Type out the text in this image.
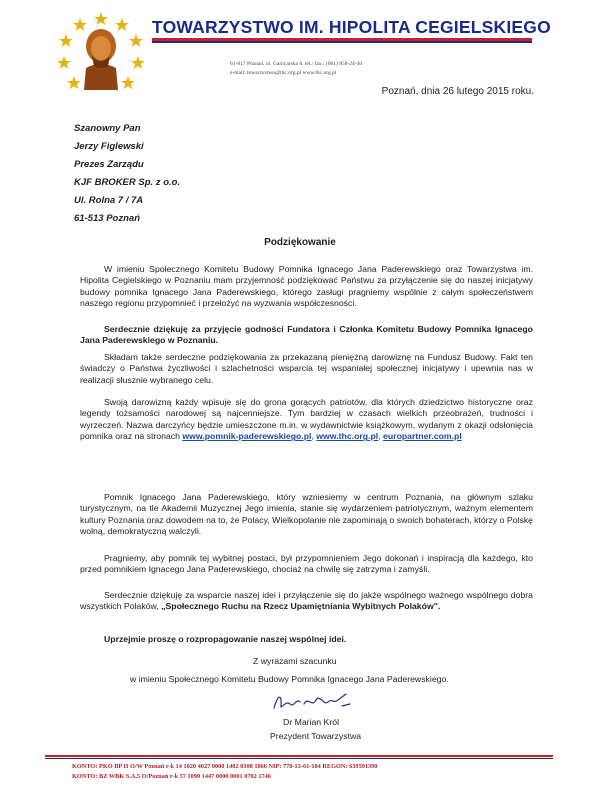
TOWARZYSTWO IM. HIPOLITA CEGIELSKIEGO
61-817 Poznań, ul. Garncarska 8, tel./ fax.: (061) 858-24-40
e-mail: towarzystwo@thc.org.pl www.thc.org.pl
Poznań, dnia 26 lutego 2015 roku.
Szanowny Pan
Jerzy Figlewski
Prezes Zarządu
KJF BROKER Sp. z o.o.
Ul. Rolna 7 / 7A
61-513 Poznań
Podziękowanie

W imieniu Społecznego Komitetu Budowy Pomnika Ignacego Jana Paderewskiego oraz Towarzystwa im. Hipolita Cegielskiego w Poznaniu mam przyjemność podziękować Państwu za przyłączenie się do naszej inicjatywy budowy pomnika Ignacego Jana Paderewskiego, którego zasługi pragniemy wspólnie z całym społeczeństwem naszego regionu przypomnieć i przełożyć na wyzwania współczesności.

Serdecznie dziękuję za przyjęcie godności Fundatora i Członka Komitetu Budowy Pomnika Ignacego Jana Paderewskiego w Poznaniu.

Składam także serdeczne podziękowania za przekazaną pieniężną darowiznę na Fundusz Budowy. Fakt ten świadczy o Państwa życzliwości i szlachetności wsparcia tej wspaniałej społecznej inicjatywy i upewnia nas w realizacji słusznie wybranego celu.

Swoją darowizną każdy wpisuje się do grona gorących patriotów, dla których dziedzictwo historyczne oraz legendy tożsamości narodowej są najcenniejsze. Tym bardziej w czasach wielkich przeobrażeń, trudności i wyrzeczeń. Nazwa darczyńcy będzie umieszczone m.in. w wydawnictwie książkowym, wydanym z okazji odsłonięcia pomnika oraz na stronach www.pomnik-paderewskiego.pl, www.thc.org.pl, europartner.com.pl

Pomnik Ignacego Jana Paderewskiego, który wzniesiemy w centrum Poznania, na głównym szlaku turystycznym, na tle Akademii Muzycznej Jego imienia, stanie się wydarzeniem patriotycznym, ważnym elementem kultury Poznania oraz dowodem na to, że Polacy, Wielkopolanie nie zapominają o swoich bohaterach, którzy o Polskę wolną, demokratyczną walczyli.

Pragniemy, aby pomnik tej wybitnej postaci, był przypomnieniem Jego dokonań i inspiracją dla każdego, kto przed pomnikiem Ignacego Jana Paderewskiego, chociaż na chwilę się zatrzyma i zamyśli.

Serdecznie dziękuję za wsparcie naszej idei i przyłączenie się do jakże wspólnego ważnego wspólnego dobra wszystkich Polaków, „Społecznego Ruchu na Rzecz Upamiętniania Wybitnych Polaków".

Uprzejmie proszę o rozpropagowanie naszej wspólnej idei.

Z wyrazami szacunku
w imieniu Społecznego Komitetu Budowy Pomnika Ignacego Jana Paderewskiego.
Dr Marian Król
Prezydent Towarzystwa
KONTO: PKO BP II O/W Poznań r-k 14 1020 4027 0000 1402 0308 1866 NIP: 778-13-61-184 REGON: 639591390
KONTO: BZ WBK S.A.5 O/Poznań r-k 57 1090 1447 0000 0001 0702 1746
